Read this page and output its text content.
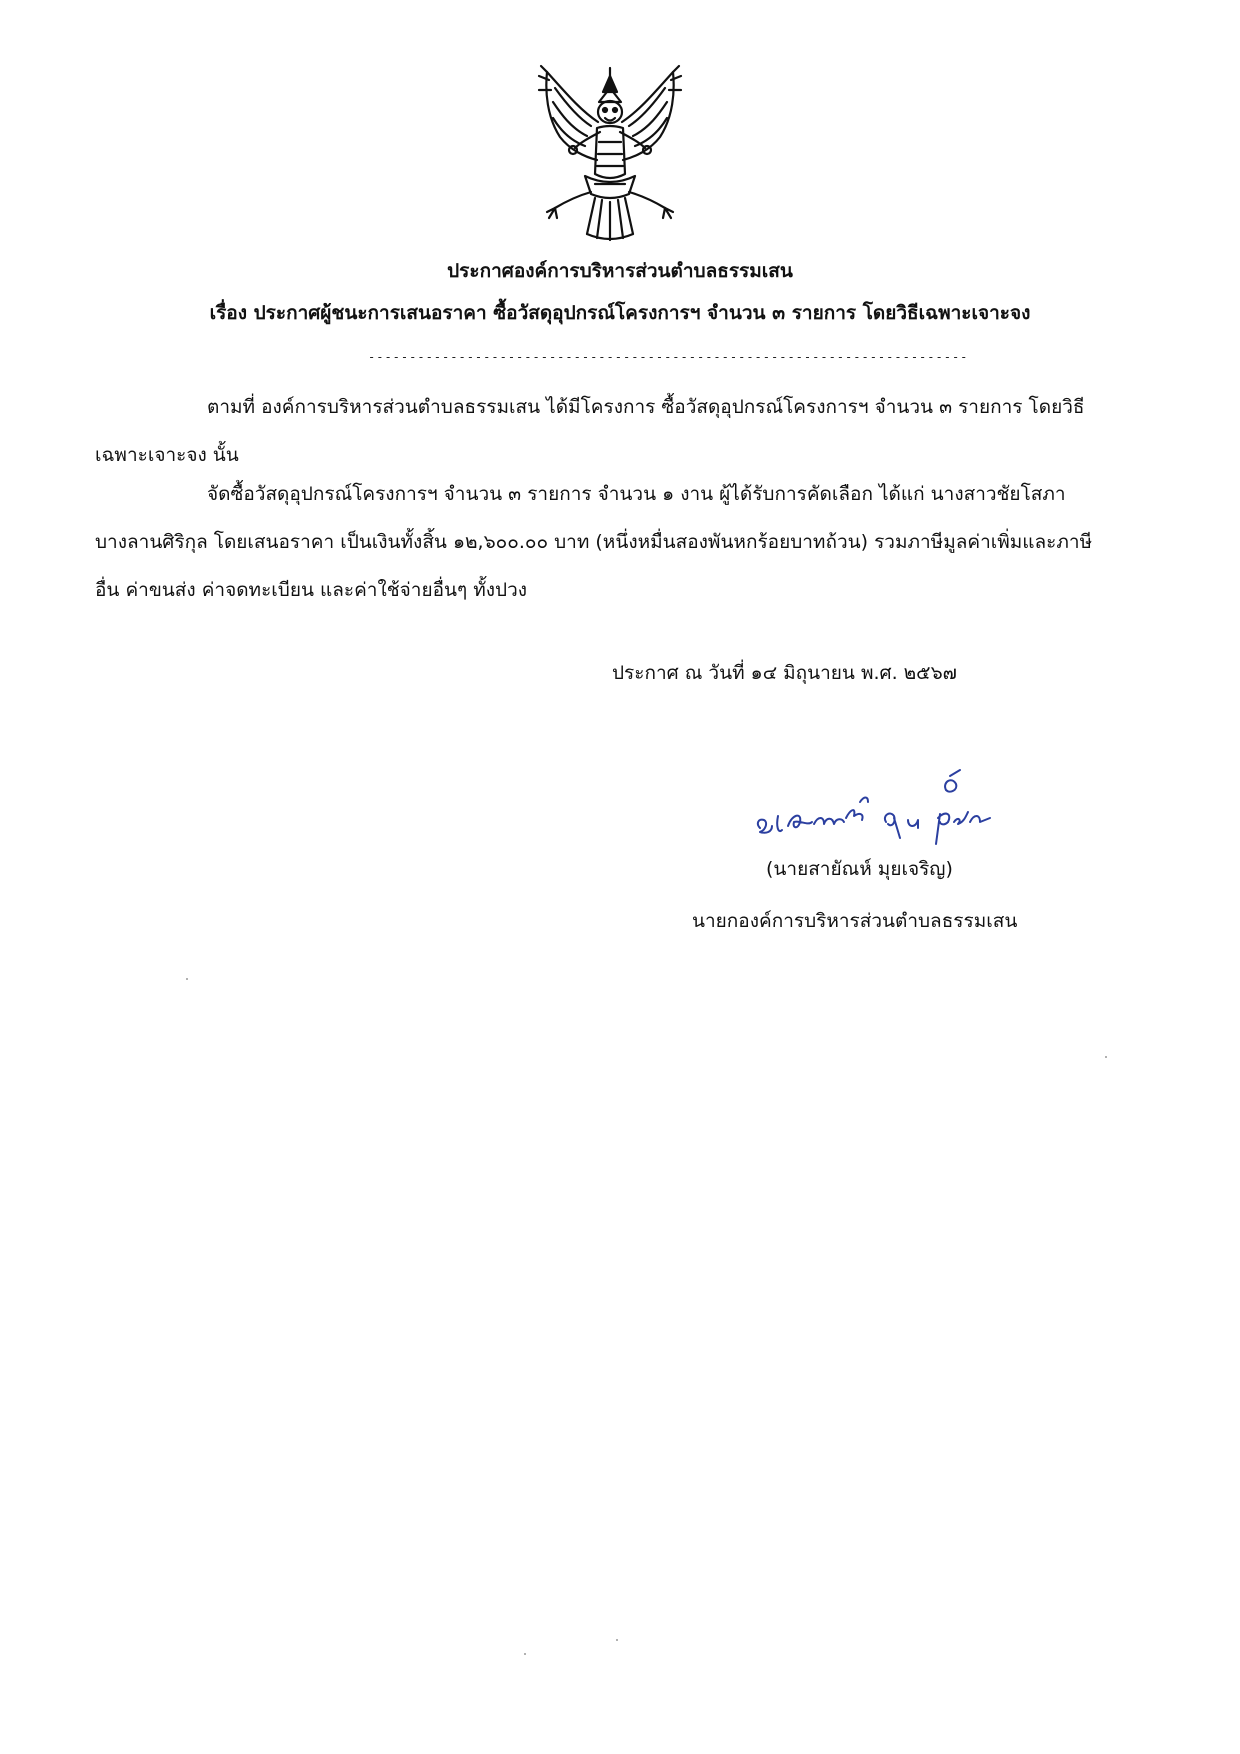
ประกาศองค์การบริหารส่วนตำบลธรรมเสน
เรื่อง ประกาศผู้ชนะการเสนอราคา ซื้อวัสดุอุปกรณ์โครงการฯ จำนวน ๓ รายการ โดยวิธีเฉพาะเจาะจง
-------------------------------------------------------------------------

ตามที่ องค์การบริหารส่วนตำบลธรรมเสน ได้มีโครงการ ซื้อวัสดุอุปกรณ์โครงการฯ จำนวน ๓ รายการ โดยวิธีเฉพาะเจาะจง นั้น

จัดซื้อวัสดุอุปกรณ์โครงการฯ จำนวน ๓ รายการ จำนวน ๑ งาน ผู้ได้รับการคัดเลือก ได้แก่ นางสาวชัยโสภา บางลานศิริกุล โดยเสนอราคา เป็นเงินทั้งสิ้น ๑๒,๖๐๐.๐๐ บาท (หนึ่งหมื่นสองพันหกร้อยบาทถ้วน) รวมภาษีมูลค่าเพิ่มและภาษีอื่น ค่าขนส่ง ค่าจดทะเบียน และค่าใช้จ่ายอื่นๆ ทั้งปวง

ประกาศ ณ วันที่ ๑๔ มิถุนายน พ.ศ. ๒๕๖๗
(นายสายัณห์ มุยเจริญ)
นายกองค์การบริหารส่วนตำบลธรรมเสน
